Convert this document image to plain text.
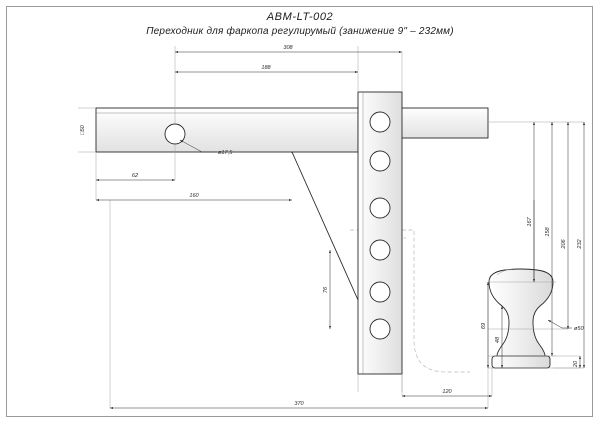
ABM-LT-002
Переходник для фаркопа регулирумый (занижение 9" – 232мм)
308
188
62
160
370
120
76
167
158
206 232
69
48
20
□50
ø17,5
ø50
